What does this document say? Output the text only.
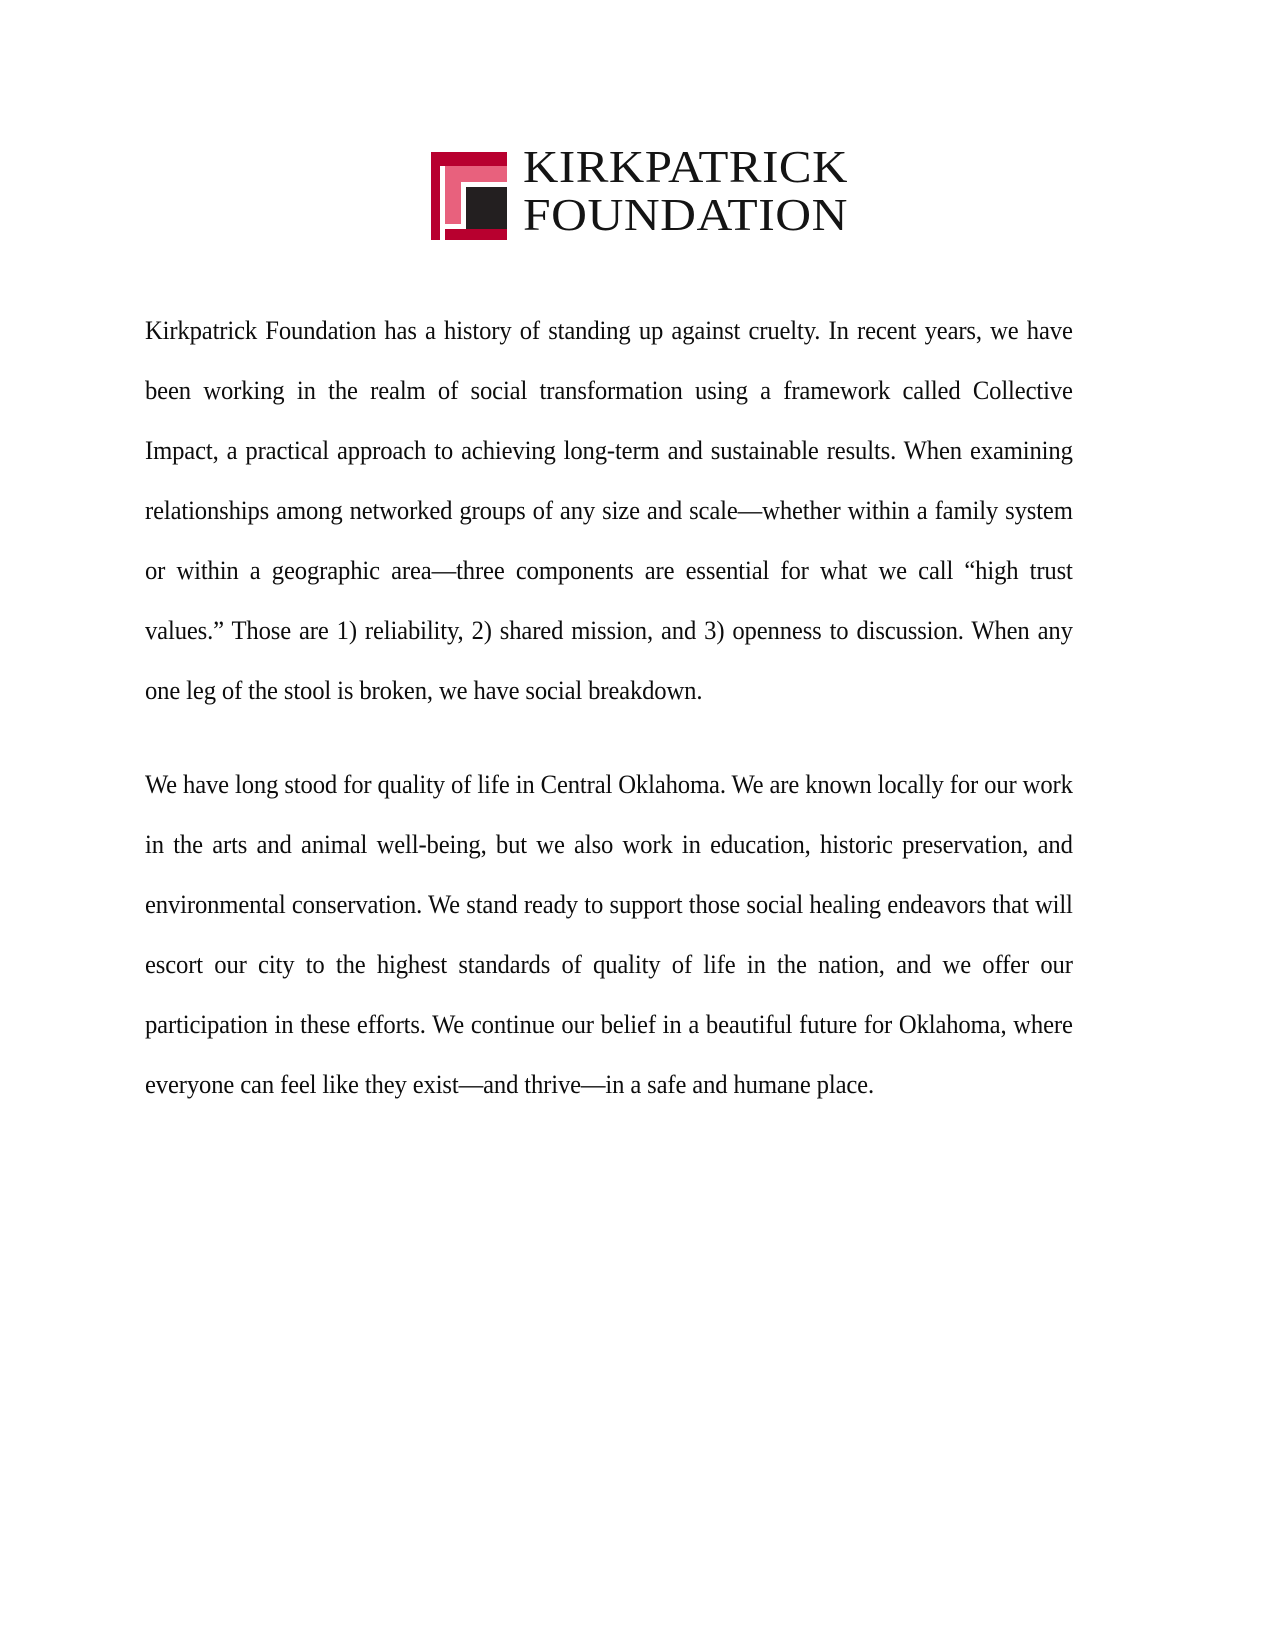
KIRKPATRICK
FOUNDATION

Kirkpatrick Foundation has a history of standing up against cruelty. In recent years, we have been working in the realm of social transformation using a framework called Collective Impact, a practical approach to achieving long-term and sustainable results. When examining relationships among networked groups of any size and scale—whether within a family system or within a geographic area—three components are essential for what we call “high trust values.” Those are 1) reliability, 2) shared mission, and 3) openness to discussion. When any one leg of the stool is broken, we have social breakdown.

We have long stood for quality of life in Central Oklahoma. We are known locally for our work in the arts and animal well-being, but we also work in education, historic preservation, and environmental conservation. We stand ready to support those social healing endeavors that will escort our city to the highest standards of quality of life in the nation, and we offer our participation in these efforts. We continue our belief in a beautiful future for Oklahoma, where everyone can feel like they exist—and thrive—in a safe and humane place.
